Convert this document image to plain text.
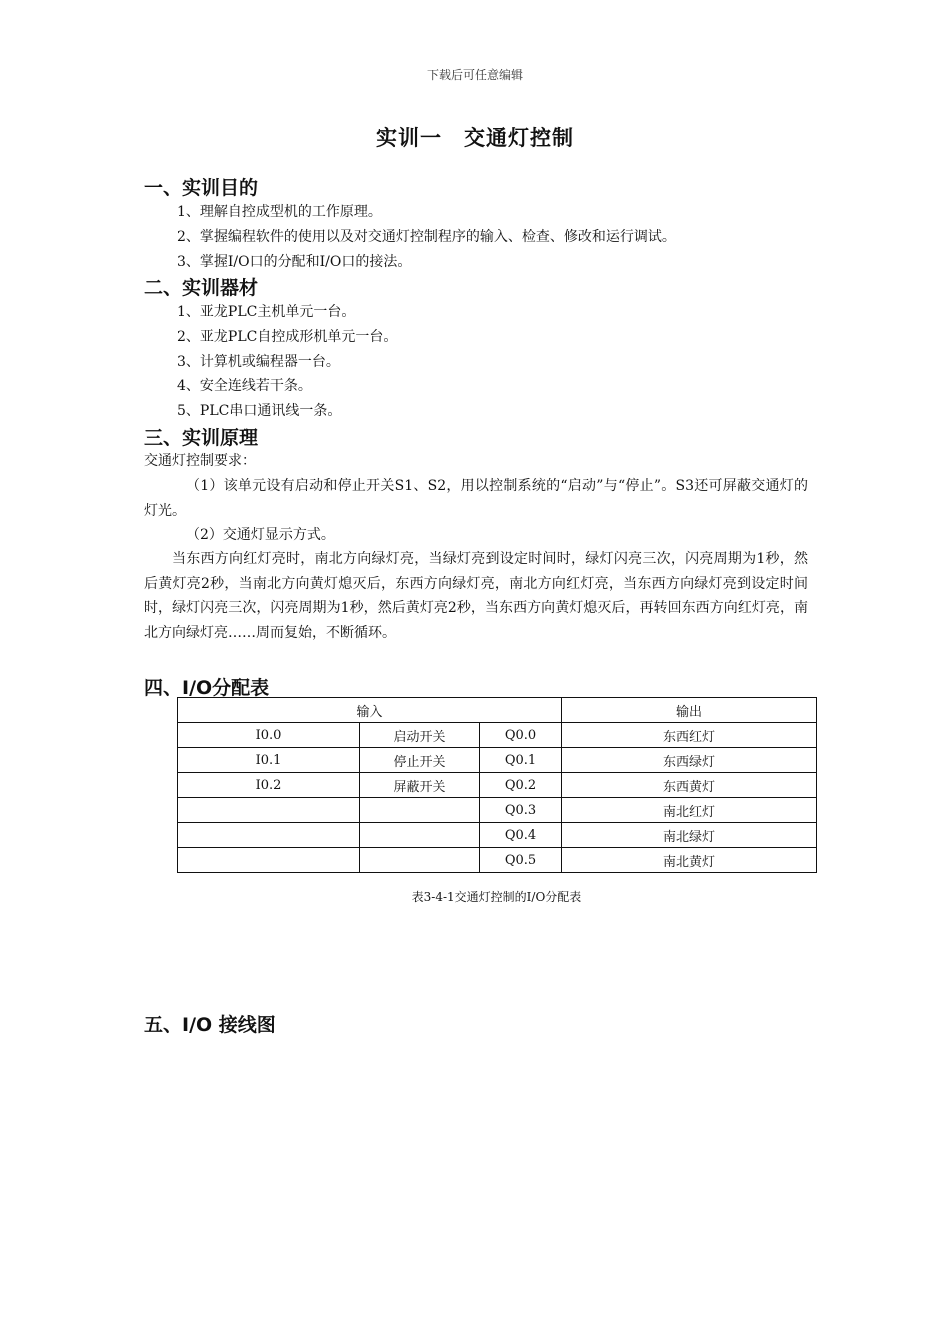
下载后可任意编辑
实训一　交通灯控制
一、实训目的

1、理解自控成型机的工作原理。

2、掌握编程软件的使用以及对交通灯控制程序的输入、检查、修改和运行调试。

3、掌握I/O口的分配和I/O口的接法。

二、实训器材

1、亚龙PLC主机单元一台。

2、亚龙PLC自控成形机单元一台。

3、计算机或编程器一台。

4、安全连线若干条。

5、PLC串口通讯线一条。

三、实训原理

交通灯控制要求：

（1）该单元设有启动和停止开关S1、S2，用以控制系统的“启动”与“停止”。S3还可屏蔽交通灯的灯光。

（2）交通灯显示方式。

当东西方向红灯亮时，南北方向绿灯亮，当绿灯亮到设定时间时，绿灯闪亮三次，闪亮周期为1秒，然后黄灯亮2秒，当南北方向黄灯熄灭后，东西方向绿灯亮，南北方向红灯亮，当东西方向绿灯亮到设定时间时，绿灯闪亮三次，闪亮周期为1秒，然后黄灯亮2秒，当东西方向黄灯熄灭后，再转回东西方向红灯亮，南北方向绿灯亮……周而复始，不断循环。

四、I/O分配表
输入			输出
I0.0	启动开关	Q0.0	东西红灯
I0.1	停止开关	Q0.1	东西绿灯
I0.2	屏蔽开关	Q0.2	东西黄灯
		Q0.3	南北红灯
		Q0.4	南北绿灯
		Q0.5	南北黄灯
表3-4-1交通灯控制的I/O分配表
五、I/O 接线图
